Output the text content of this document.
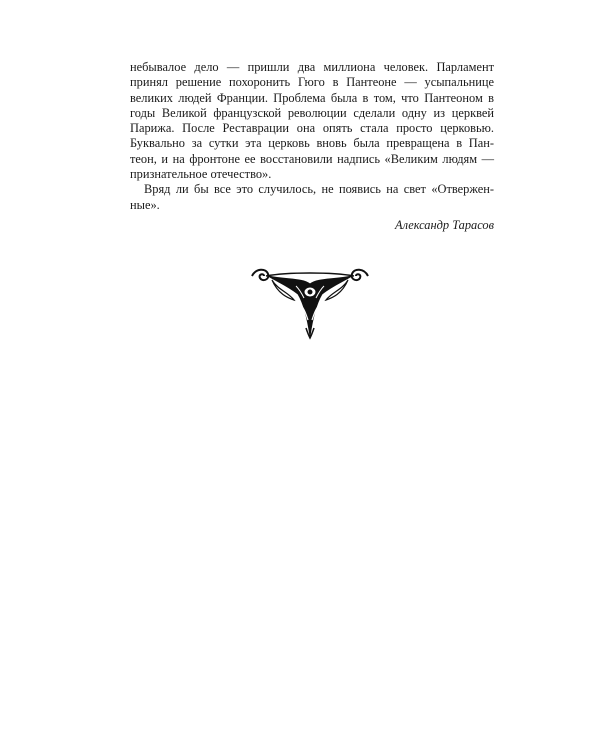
небывалое дело — пришли два миллиона человек. Парламент
принял решение похоронить Гюго в Пантеоне — усыпальнице
великих людей Франции. Проблема была в том, что Пантеоном в
годы Великой французской революции сделали одну из церквей
Парижа. После Реставрации она опять стала просто церковью.
Буквально за сутки эта церковь вновь была превращена в Пан-
теон, и на фронтоне ее восстановили надпись «Великим людям —
признательное отечество».

Вряд ли бы все это случилось, не появись на свет «Отвержен-
ные».

Александр Тарасов
